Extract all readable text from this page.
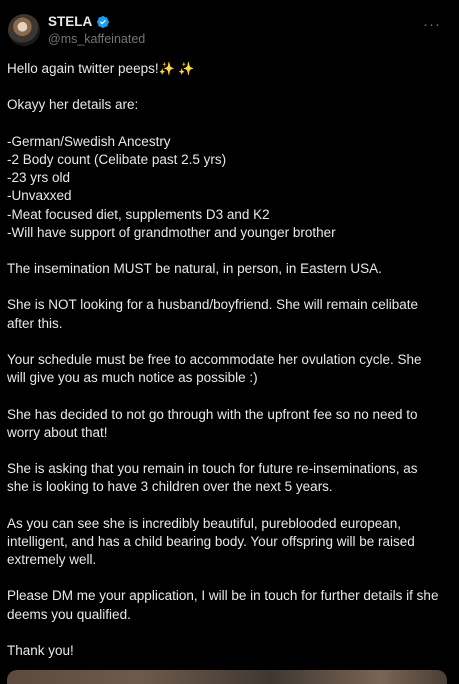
STELA
@ms_kaffeinated
···
Hello again twitter peeps!✨ ✨
Okayy her details are:
-German/Swedish Ancestry
-2 Body count (Celibate past 2.5 yrs)
-23 yrs old
-Unvaxxed
-Meat focused diet, supplements D3 and K2
-Will have support of grandmother and younger brother
The insemination MUST be natural, in person, in Eastern USA.
She is NOT looking for a husband/boyfriend. She will remain celibate
after this.
Your schedule must be free to accommodate her ovulation cycle. She
will give you as much notice as possible :)
She has decided to not go through with the upfront fee so no need to
worry about that!
She is asking that you remain in touch for future re-inseminations, as
she is looking to have 3 children over the next 5 years.
As you can see she is incredibly beautiful, pureblooded european,
intelligent, and has a child bearing body. Your offspring will be raised
extremely well.
Please DM me your application, I will be in touch for further details if she
deems you qualified.
Thank you!
